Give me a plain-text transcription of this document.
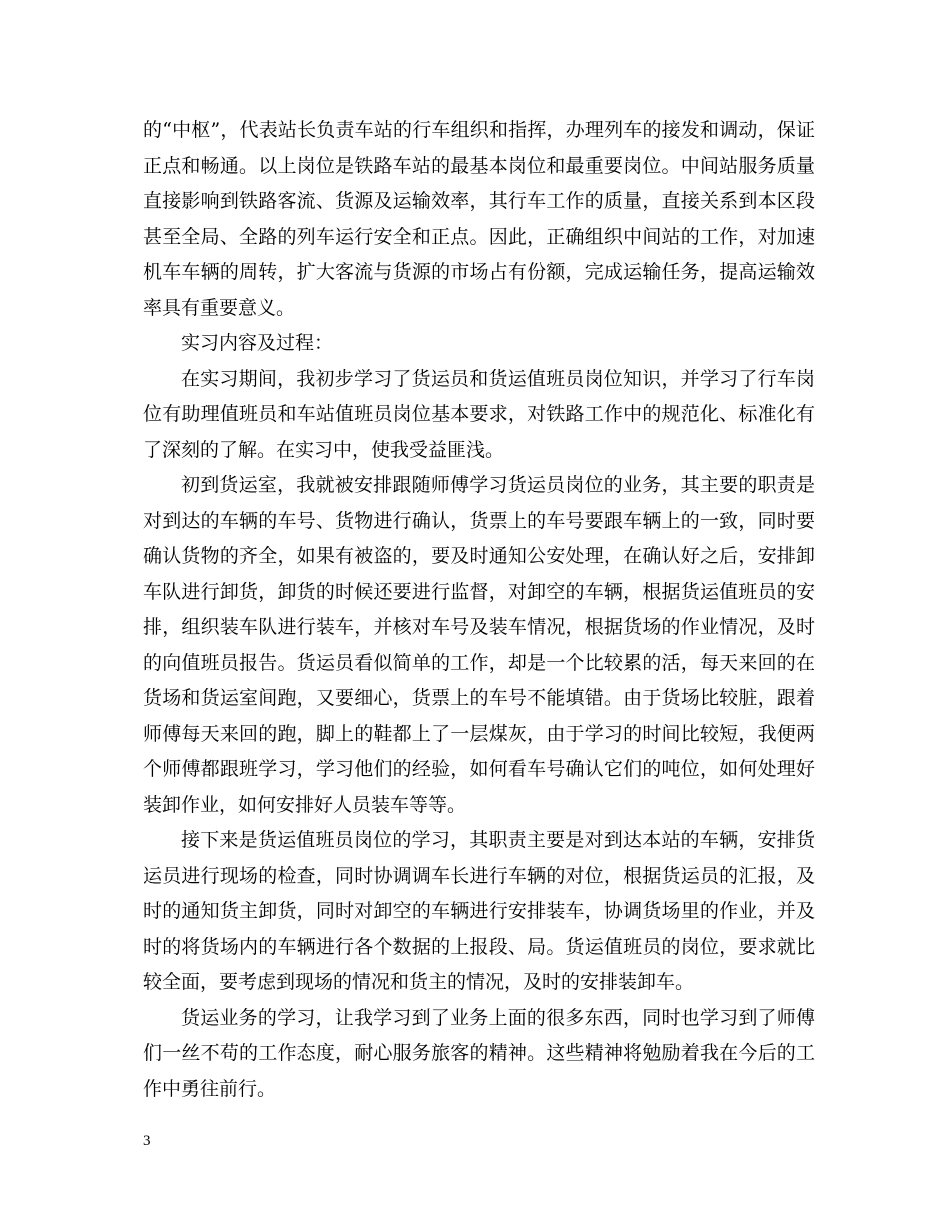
的“中枢”，代表站长负责车站的行车组织和指挥，办理列车的接发和调动，保证正点和畅通。以上岗位是铁路车站的最基本岗位和最重要岗位。中间站服务质量直接影响到铁路客流、货源及运输效率，其行车工作的质量，直接关系到本区段甚至全局、全路的列车运行安全和正点。因此，正确组织中间站的工作，对加速机车车辆的周转，扩大客流与货源的市场占有份额，完成运输任务，提高运输效率具有重要意义。

实习内容及过程：

在实习期间，我初步学习了货运员和货运值班员岗位知识，并学习了行车岗位有助理值班员和车站值班员岗位基本要求，对铁路工作中的规范化、标准化有了深刻的了解。在实习中，使我受益匪浅。

初到货运室，我就被安排跟随师傅学习货运员岗位的业务，其主要的职责是对到达的车辆的车号、货物进行确认，货票上的车号要跟车辆上的一致，同时要确认货物的齐全，如果有被盗的，要及时通知公安处理，在确认好之后，安排卸车队进行卸货，卸货的时候还要进行监督，对卸空的车辆，根据货运值班员的安排，组织装车队进行装车，并核对车号及装车情况，根据货场的作业情况，及时的向值班员报告。货运员看似简单的工作，却是一个比较累的活，每天来回的在货场和货运室间跑，又要细心，货票上的车号不能填错。由于货场比较脏，跟着师傅每天来回的跑，脚上的鞋都上了一层煤灰，由于学习的时间比较短，我便两个师傅都跟班学习，学习他们的经验，如何看车号确认它们的吨位，如何处理好装卸作业，如何安排好人员装车等等。

接下来是货运值班员岗位的学习，其职责主要是对到达本站的车辆，安排货运员进行现场的检查，同时协调调车长进行车辆的对位，根据货运员的汇报，及时的通知货主卸货，同时对卸空的车辆进行安排装车，协调货场里的作业，并及时的将货场内的车辆进行各个数据的上报段、局。货运值班员的岗位，要求就比较全面，要考虑到现场的情况和货主的情况，及时的安排装卸车。

货运业务的学习，让我学习到了业务上面的很多东西，同时也学习到了师傅们一丝不苟的工作态度，耐心服务旅客的精神。这些精神将勉励着我在今后的工作中勇往前行。

3
